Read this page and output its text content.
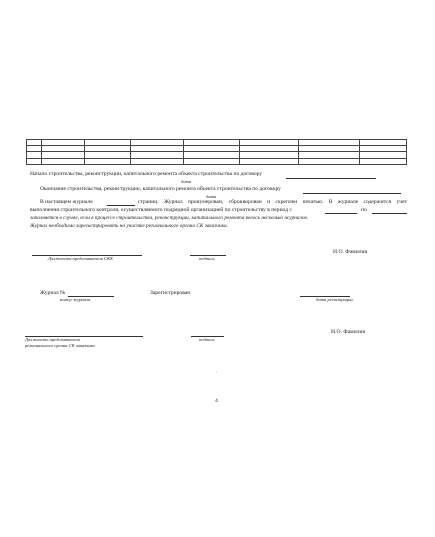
Начало строительства, реконструкции, капитального ремонта объекта строительства по договору
дата
Окончание строительства, реконструкции, капитального ремонта объекта строительства по договору
дата
В настоящем журнале	страниц. Журнал пронумерован, сброшюрован и скреплен печатью. В журнале содержится учет
выполнения строительного контроля, осуществляемого подрядной организацией по строительству в период с	по
заполняется в случае, если в процессе строительства, реконструкции, капитального ремонта велось несколько журналов.
Журнал необходимо зарегистрировать на участке регионального органа СК заказчика.
И.О. Фамилия
Должность представителя СКК	подпись
Журнал №
номер журнала
Зарегистрирован
дата регистрации
И.О. Фамилия
Должность представителя
регионального органа СК заказчика
подпись
'
4
